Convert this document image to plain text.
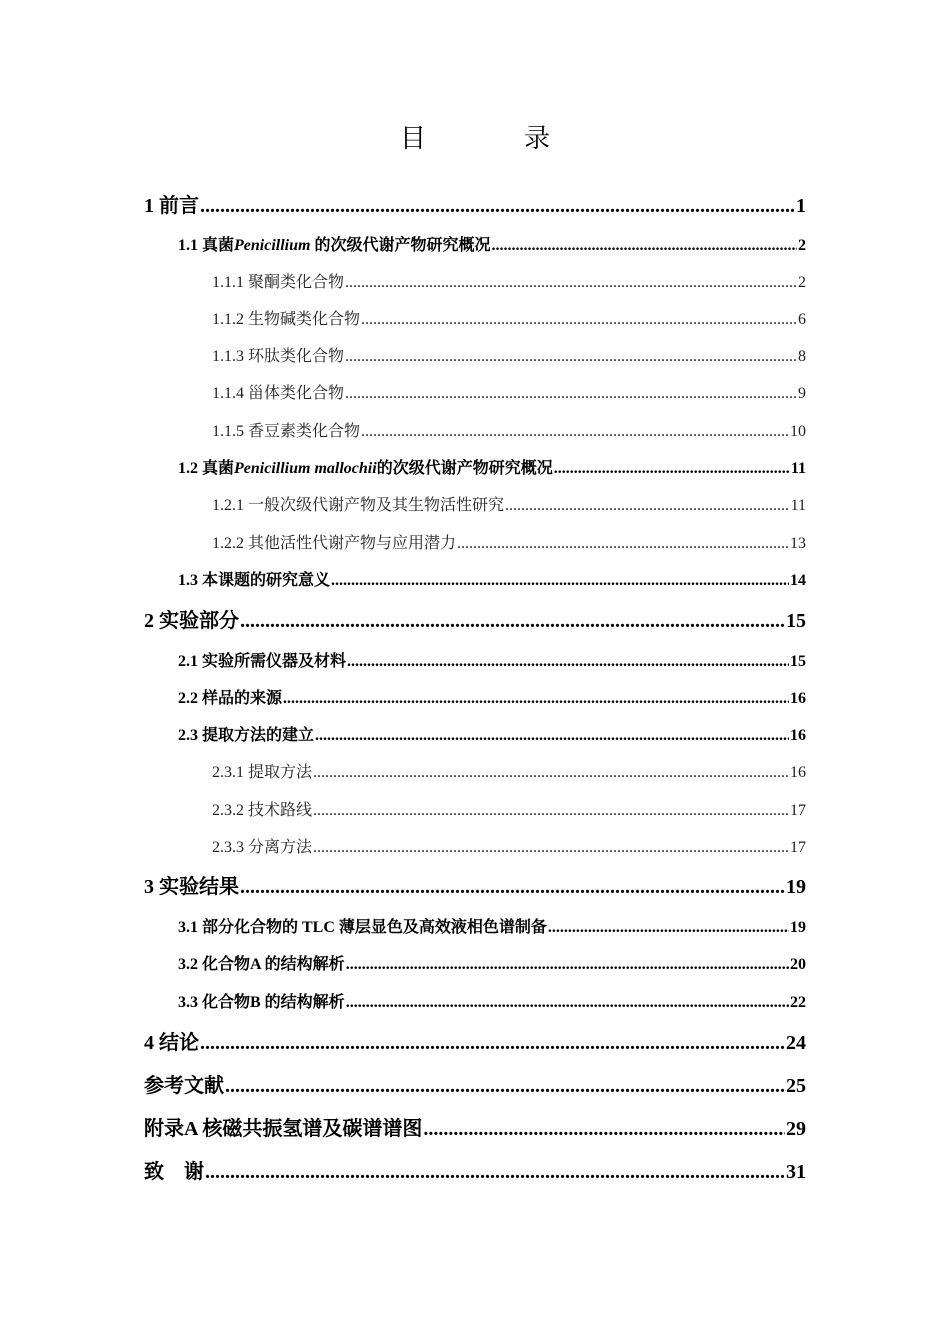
目　录
1 前言 .....	1
1.1 真菌Penicillium 的次级代谢产物研究概况 .....	2
1.1.1 聚酮类化合物 .....	2
1.1.2 生物碱类化合物 .....	6
1.1.3 环肽类化合物 .....	8
1.1.4 甾体类化合物 .....	9
1.1.5 香豆素类化合物 .....	10
1.2 真菌Penicillium mallochii的次级代谢产物研究概况 .....	11
1.2.1 一般次级代谢产物及其生物活性研究 .....	11
1.2.2 其他活性代谢产物与应用潜力 .....	13
1.3 本课题的研究意义 .....	14
2 实验部分 .....	15
2.1 实验所需仪器及材料 .....	15
2.2 样品的来源 .....	16
2.3 提取方法的建立 .....	16
2.3.1 提取方法 .....	16
2.3.2 技术路线 .....	17
2.3.3 分离方法 .....	17
3 实验结果 .....	19
3.1 部分化合物的 TLC 薄层显色及高效液相色谱制备 .....	19
3.2 化合物A 的结构解析 .....	20
3.3 化合物B 的结构解析 .....	22
4 结论 .....	24
参考文献 .....	25
附录A 核磁共振氢谱及碳谱谱图 .....	29
致　谢 .....	31
